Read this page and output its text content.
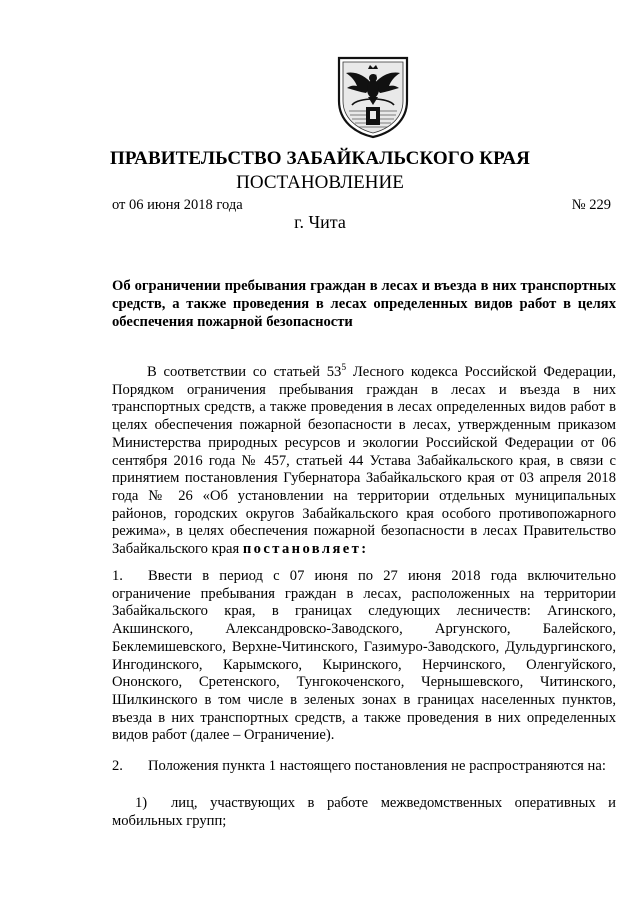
ПРАВИТЕЛЬСТВО ЗАБАЙКАЛЬСКОГО КРАЯ
ПОСТАНОВЛЕНИЕ
от 06 июня 2018 года	№ 229
г. Чита
Об ограничении пребывания граждан в лесах и въезда в них транспортных средств, а также проведения в лесах определенных видов работ в целях обеспечения пожарной безопасности
В соответствии со статьей $53^5$ Лесного кодекса Российской Федерации, Порядком ограничения пребывания граждан в лесах и въезда в них транспортных средств, а также проведения в лесах определенных видов работ в целях обеспечения пожарной безопасности в лесах, утвержденным приказом Министерства природных ресурсов и экологии Российской Федерации от 06 сентября 2016 года № 457, статьей 44 Устава Забайкальского края, в связи с принятием постановления Губернатора Забайкальского края от 03 апреля 2018 года № 26 «Об установлении на территории отдельных муниципальных районов, городских округов Забайкальского края особого противопожарного режима», в целях обеспечения пожарной безопасности в лесах Правительство Забайкальского края постановляет:
1. Ввести в период с 07 июня по 27 июня 2018 года включительно ограничение пребывания граждан в лесах, расположенных на территории Забайкальского края, в границах следующих лесничеств: Агинского, Акшинского, Александровско-Заводского, Аргунского, Балейского, Беклемишевского, Верхне-Читинского, Газимуро-Заводского, Дульдургинского, Ингодинского, Карымского, Кыринского, Нерчинского, Оленгуйского, Ононского, Сретенского, Тунгокоченского, Чернышевского, Читинского, Шилкинского в том числе в зеленых зонах в границах населенных пунктов, въезда в них транспортных средств, а также проведения в них определенных видов работ (далее – Ограничение).
2. Положения пункта 1 настоящего постановления не распространяются на:
1) лиц, участвующих в работе межведомственных оперативных и мобильных групп;
